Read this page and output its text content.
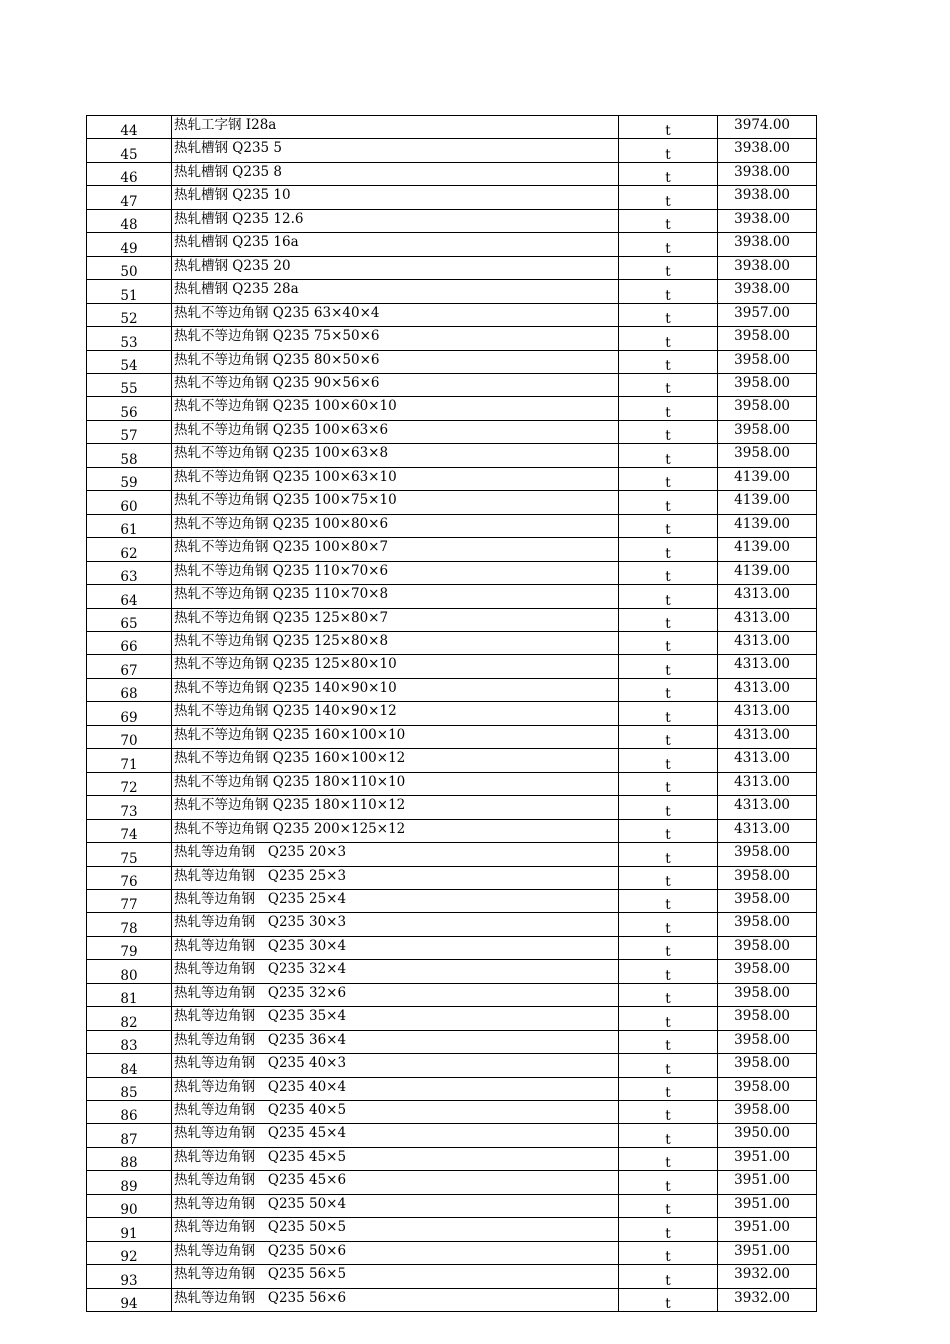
44	热轧工字钢 I28a	t	3974.00
45	热轧槽钢 Q235 5	t	3938.00
46	热轧槽钢 Q235 8	t	3938.00
47	热轧槽钢 Q235 10	t	3938.00
48	热轧槽钢 Q235 12.6	t	3938.00
49	热轧槽钢 Q235 16a	t	3938.00
50	热轧槽钢 Q235 20	t	3938.00
51	热轧槽钢 Q235 28a	t	3938.00
52	热轧不等边角钢 Q235 63×40×4	t	3957.00
53	热轧不等边角钢 Q235 75×50×6	t	3958.00
54	热轧不等边角钢 Q235 80×50×6	t	3958.00
55	热轧不等边角钢 Q235 90×56×6	t	3958.00
56	热轧不等边角钢 Q235 100×60×10	t	3958.00
57	热轧不等边角钢 Q235 100×63×6	t	3958.00
58	热轧不等边角钢 Q235 100×63×8	t	3958.00
59	热轧不等边角钢 Q235 100×63×10	t	4139.00
60	热轧不等边角钢 Q235 100×75×10	t	4139.00
61	热轧不等边角钢 Q235 100×80×6	t	4139.00
62	热轧不等边角钢 Q235 100×80×7	t	4139.00
63	热轧不等边角钢 Q235 110×70×6	t	4139.00
64	热轧不等边角钢 Q235 110×70×8	t	4313.00
65	热轧不等边角钢 Q235 125×80×7	t	4313.00
66	热轧不等边角钢 Q235 125×80×8	t	4313.00
67	热轧不等边角钢 Q235 125×80×10	t	4313.00
68	热轧不等边角钢 Q235 140×90×10	t	4313.00
69	热轧不等边角钢 Q235 140×90×12	t	4313.00
70	热轧不等边角钢 Q235 160×100×10	t	4313.00
71	热轧不等边角钢 Q235 160×100×12	t	4313.00
72	热轧不等边角钢 Q235 180×110×10	t	4313.00
73	热轧不等边角钢 Q235 180×110×12	t	4313.00
74	热轧不等边角钢 Q235 200×125×12	t	4313.00
75	热轧等边角钢   Q235 20×3	t	3958.00
76	热轧等边角钢   Q235 25×3	t	3958.00
77	热轧等边角钢   Q235 25×4	t	3958.00
78	热轧等边角钢   Q235 30×3	t	3958.00
79	热轧等边角钢   Q235 30×4	t	3958.00
80	热轧等边角钢   Q235 32×4	t	3958.00
81	热轧等边角钢   Q235 32×6	t	3958.00
82	热轧等边角钢   Q235 35×4	t	3958.00
83	热轧等边角钢   Q235 36×4	t	3958.00
84	热轧等边角钢   Q235 40×3	t	3958.00
85	热轧等边角钢   Q235 40×4	t	3958.00
86	热轧等边角钢   Q235 40×5	t	3958.00
87	热轧等边角钢   Q235 45×4	t	3950.00
88	热轧等边角钢   Q235 45×5	t	3951.00
89	热轧等边角钢   Q235 45×6	t	3951.00
90	热轧等边角钢   Q235 50×4	t	3951.00
91	热轧等边角钢   Q235 50×5	t	3951.00
92	热轧等边角钢   Q235 50×6	t	3951.00
93	热轧等边角钢   Q235 56×5	t	3932.00
94	热轧等边角钢   Q235 56×6	t	3932.00
